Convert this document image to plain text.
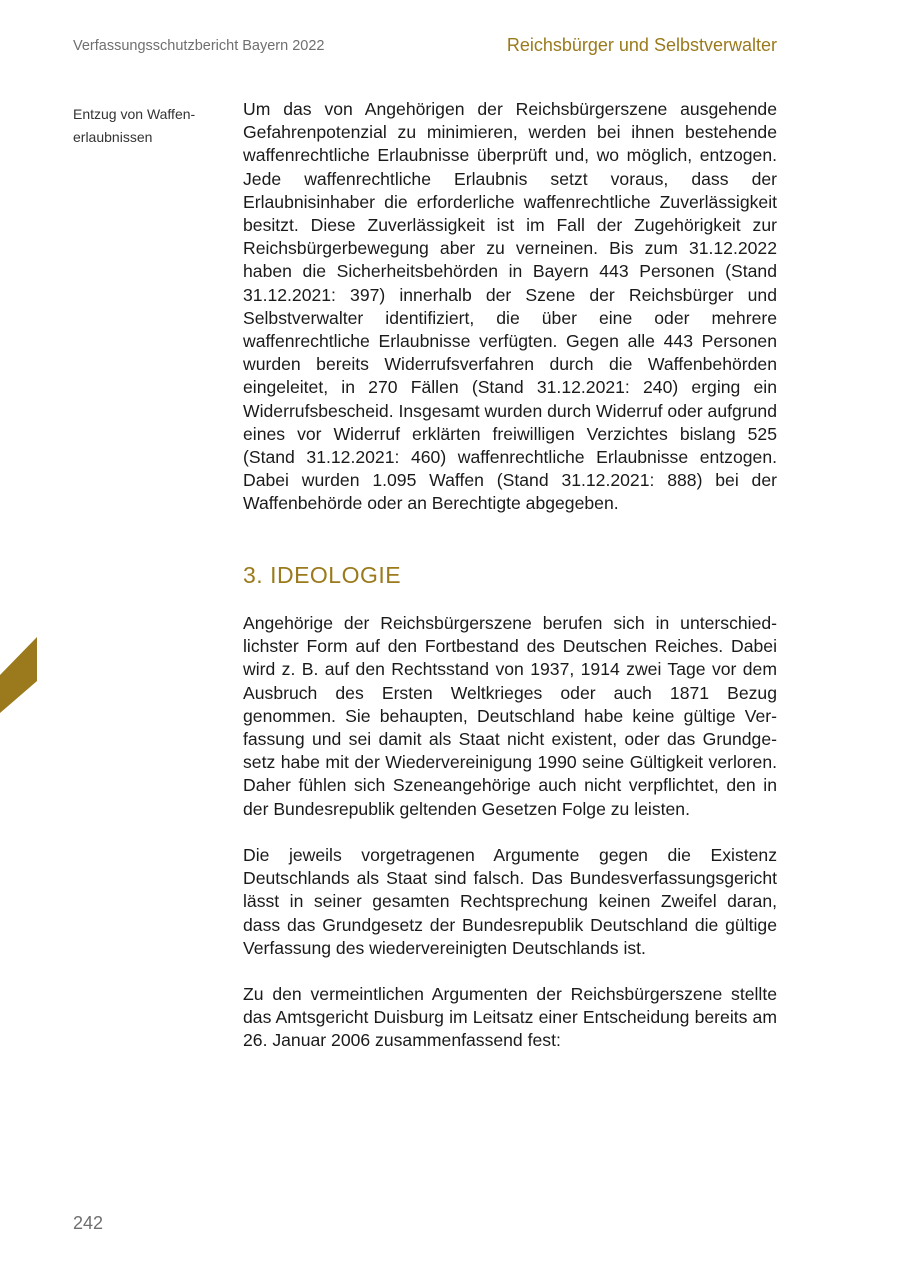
Verfassungsschutzbericht Bayern 2022	Reichsbürger und Selbstverwalter
Entzug von Waffenerlaubnissen
Um das von Angehörigen der Reichsbürgerszene ausgehende Gefahrenpotenzial zu minimieren, werden bei ihnen bestehende waffenrechtliche Erlaubnisse überprüft und, wo möglich, entzogen. Jede waffenrechtliche Erlaubnis setzt voraus, dass der Erlaubnisinhaber die erforderliche waffenrechtliche Zuverlässigkeit besitzt. Diese Zuverlässigkeit ist im Fall der Zugehörigkeit zur Reichsbürgerbewegung aber zu verneinen. Bis zum 31.12.2022 haben die Sicherheitsbehörden in Bayern 443 Personen (Stand 31.12.2021: 397) innerhalb der Szene der Reichsbürger und Selbstverwalter identifiziert, die über eine oder mehrere waffenrechtliche Erlaubnisse verfügten. Gegen alle 443 Personen wurden bereits Widerrufsverfahren durch die Waffenbehörden eingeleitet, in 270 Fällen (Stand 31.12.2021: 240) erging ein Widerrufsbescheid. Insgesamt wurden durch Widerruf oder aufgrund eines vor Widerruf erklärten freiwilligen Verzichtes bislang 525 (Stand 31.12.2021: 460) waffenrechtliche Erlaubnisse entzogen. Dabei wurden 1.095 Waffen (Stand 31.12.2021: 888) bei der Waffenbehörde oder an Berechtigte abgegeben.
3. IDEOLOGIE
Angehörige der Reichsbürgerszene berufen sich in unterschiedlichster Form auf den Fortbestand des Deutschen Reiches. Dabei wird z. B. auf den Rechtsstand von 1937, 1914 zwei Tage vor dem Ausbruch des Ersten Weltkrieges oder auch 1871 Bezug genommen. Sie behaupten, Deutschland habe keine gültige Verfassung und sei damit als Staat nicht existent, oder das Grundgesetz habe mit der Wiedervereinigung 1990 seine Gültigkeit verloren. Daher fühlen sich Szeneangehörige auch nicht verpflichtet, den in der Bundesrepublik geltenden Gesetzen Folge zu leisten.
Die jeweils vorgetragenen Argumente gegen die Existenz Deutschlands als Staat sind falsch. Das Bundesverfassungsgericht lässt in seiner gesamten Rechtsprechung keinen Zweifel daran, dass das Grundgesetz der Bundesrepublik Deutschland die gültige Verfassung des wiedervereinigten Deutschlands ist.
Zu den vermeintlichen Argumenten der Reichsbürgerszene stellte das Amtsgericht Duisburg im Leitsatz einer Entscheidung bereits am 26. Januar 2006 zusammenfassend fest:
242
